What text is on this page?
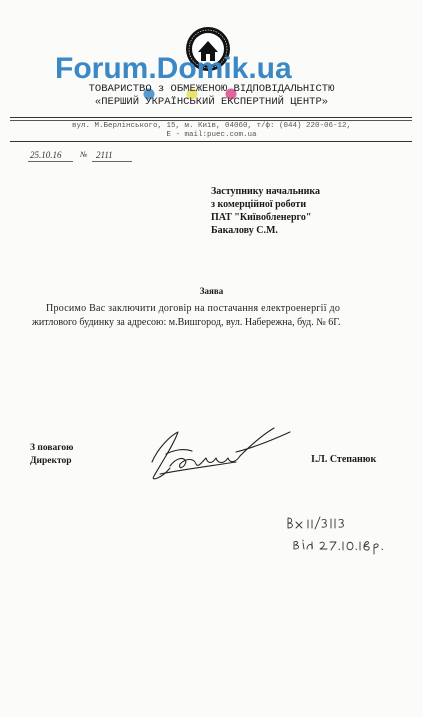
Forum.Domik.ua
ТОВАРИСТВО з ОБМЕЖЕНОЮ ВІДПОВІДАЛЬНІСТЮ
«ПЕРШИЙ УКРАЇНСЬКИЙ ЕКСПЕРТНИЙ ЦЕНТР»
вул. М.Берлінського, 15, м. Київ, 04060, т/ф: (044) 220-06-12,
E - mail:puec.com.ua
25.10.16 № 2111
Заступнику начальника
з комерційної роботи
ПАТ "Київобленерго"
Бакалову С.М.
Заява
Просимо Вас заключити договір на постачання електроенергії до
житлового будинку за адресою: м.Вишгород, вул. Набережна, буд. № 6Г.
З повагою
Директор	І.Л. Степанюк
